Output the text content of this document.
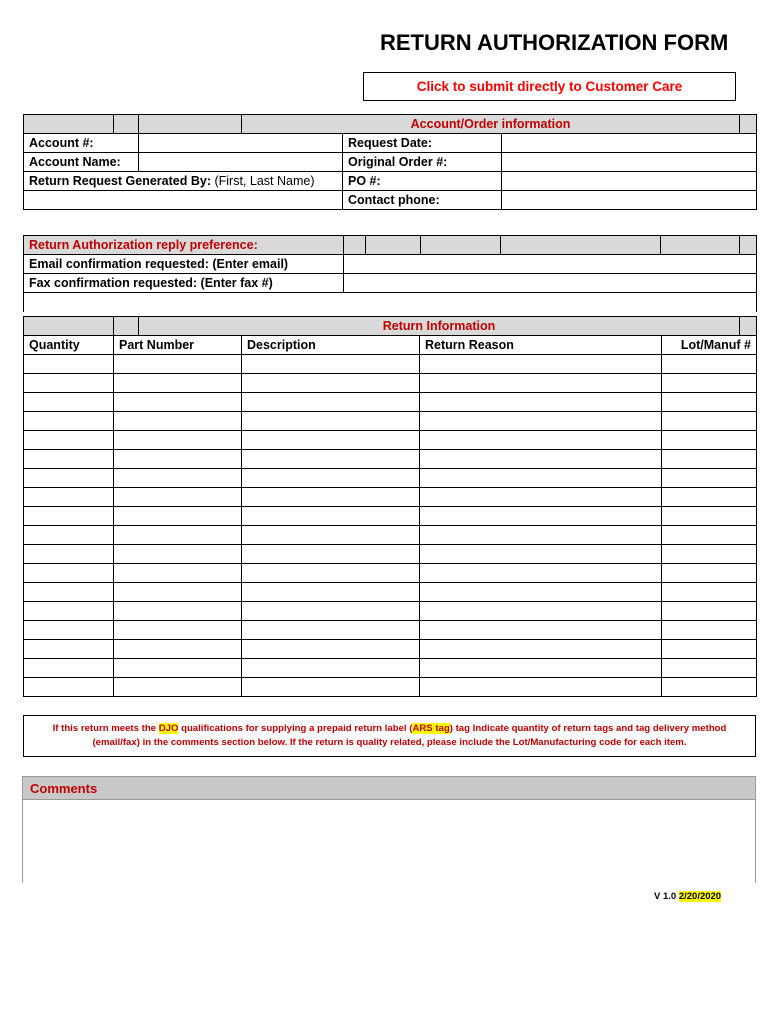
RETURN AUTHORIZATION FORM
Click to submit directly to Customer Care
			Account/Order information			
Account #:				Request Date:		
Account Name:				Original Order #:		
Return Request Generated By: (First, Last Name)				PO #:		
				Contact phone:		
Return Authorization reply preference:						
Email confirmation requested: (Enter email)						
Fax confirmation requested: (Enter fax #)						

		Return Information				
Quantity	Part Number		Description	Return Reason	Lot/Manuf #	

If this return meets the DJO qualifications for supplying a prepaid return label (ARS tag) tag Indicate quantity of return tags and tag delivery method
(email/fax) in the comments section below. If the return is quality related, please include the Lot/Manufacturing code for each item.
Comments
V 1.0 2/20/2020
